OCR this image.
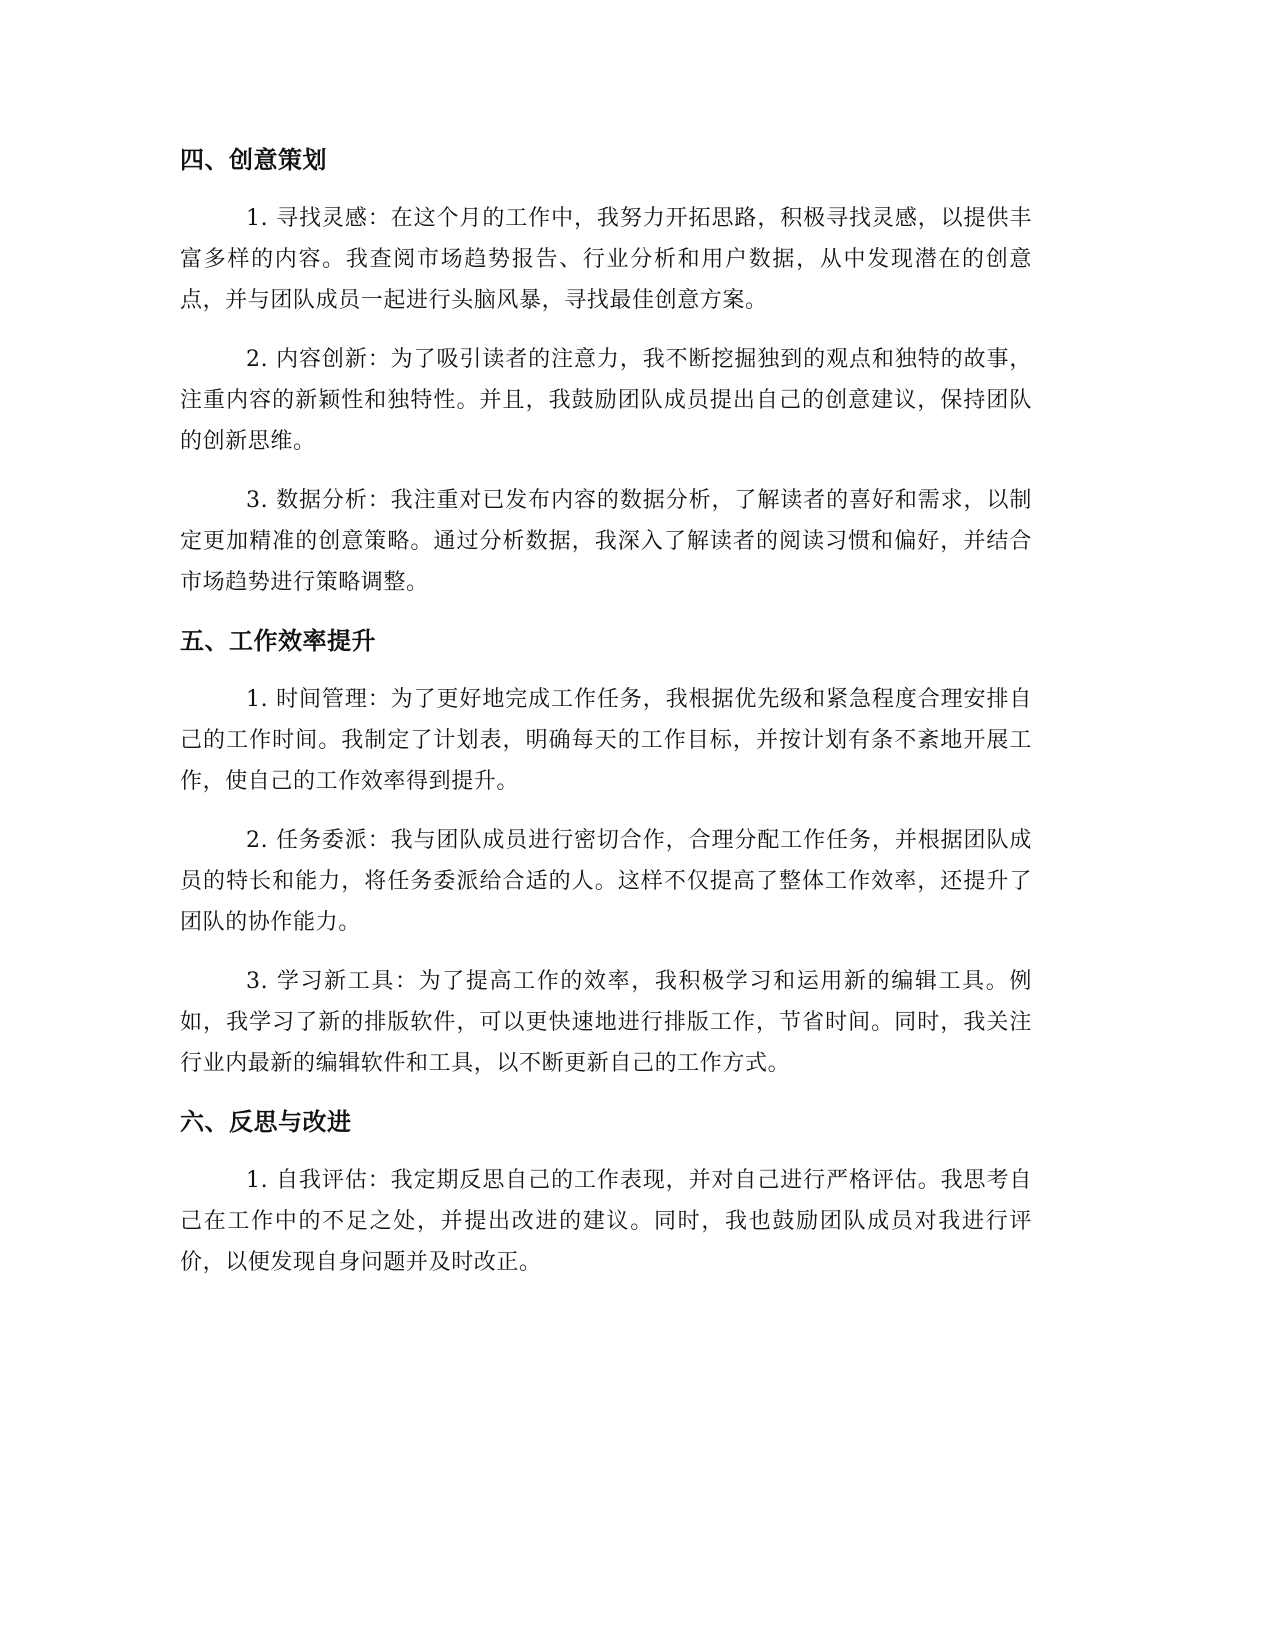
四、创意策划

1. 寻找灵感：在这个月的工作中，我努力开拓思路，积极寻找灵感，以提供丰富多样的内容。我查阅市场趋势报告、行业分析和用户数据，从中发现潜在的创意点，并与团队成员一起进行头脑风暴，寻找最佳创意方案。

2. 内容创新：为了吸引读者的注意力，我不断挖掘独到的观点和独特的故事，注重内容的新颖性和独特性。并且，我鼓励团队成员提出自己的创意建议，保持团队的创新思维。

3. 数据分析：我注重对已发布内容的数据分析，了解读者的喜好和需求，以制定更加精准的创意策略。通过分析数据，我深入了解读者的阅读习惯和偏好，并结合市场趋势进行策略调整。

五、工作效率提升

1. 时间管理：为了更好地完成工作任务，我根据优先级和紧急程度合理安排自己的工作时间。我制定了计划表，明确每天的工作目标，并按计划有条不紊地开展工作，使自己的工作效率得到提升。

2. 任务委派：我与团队成员进行密切合作，合理分配工作任务，并根据团队成员的特长和能力，将任务委派给合适的人。这样不仅提高了整体工作效率，还提升了团队的协作能力。

3. 学习新工具：为了提高工作的效率，我积极学习和运用新的编辑工具。例如，我学习了新的排版软件，可以更快速地进行排版工作，节省时间。同时，我关注行业内最新的编辑软件和工具，以不断更新自己的工作方式。

六、反思与改进

1. 自我评估：我定期反思自己的工作表现，并对自己进行严格评估。我思考自己在工作中的不足之处，并提出改进的建议。同时，我也鼓励团队成员对我进行评价，以便发现自身问题并及时改正。
